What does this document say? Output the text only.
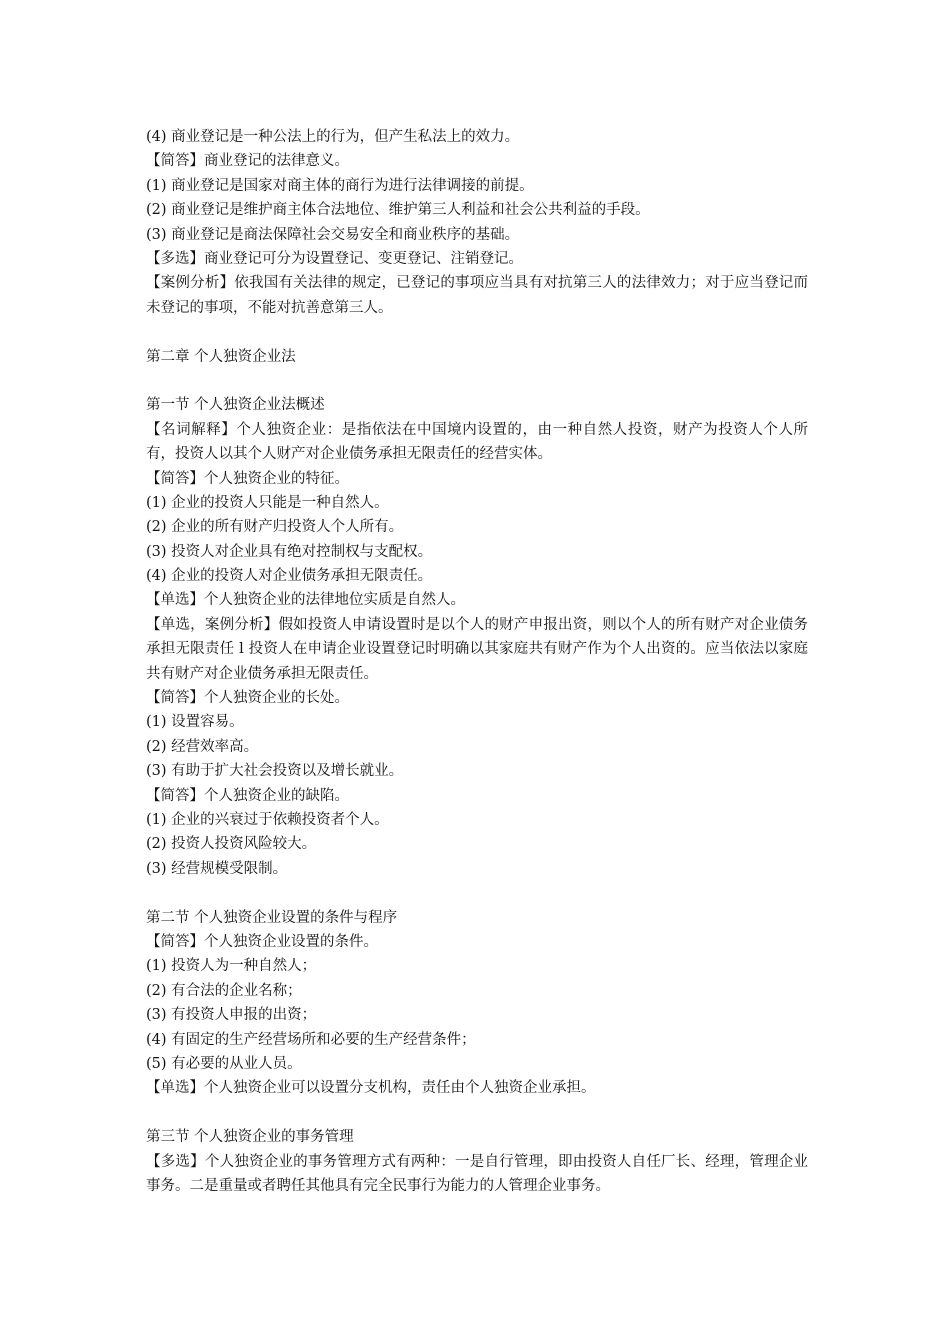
(4) 商业登记是一种公法上的行为，但产生私法上的效力。
【简答】商业登记的法律意义。
(1) 商业登记是国家对商主体的商行为进行法律调接的前提。
(2) 商业登记是维护商主体合法地位、维护第三人利益和社会公共利益的手段。
(3) 商业登记是商法保障社会交易安全和商业秩序的基础。
【多选】商业登记可分为设置登记、变更登记、注销登记。
【案例分析】依我国有关法律的规定，已登记的事项应当具有对抗第三人的法律效力；对于应当登记而未登记的事项，不能对抗善意第三人。
第二章 个人独资企业法
第一节 个人独资企业法概述
【名词解释】个人独资企业：是指依法在中国境内设置的，由一种自然人投资，财产为投资人个人所有，投资人以其个人财产对企业债务承担无限责任的经营实体。
【简答】个人独资企业的特征。
(1) 企业的投资人只能是一种自然人。
(2) 企业的所有财产归投资人个人所有。
(3) 投资人对企业具有绝对控制权与支配权。
(4) 企业的投资人对企业债务承担无限责任。
【单选】个人独资企业的法律地位实质是自然人。
【单选，案例分析】假如投资人申请设置时是以个人的财产申报出资，则以个人的所有财产对企业债务承担无限责任 l 投资人在申请企业设置登记时明确以其家庭共有财产作为个人出资的。应当依法以家庭共有财产对企业债务承担无限责任。
【简答】个人独资企业的长处。
(1) 设置容易。
(2) 经营效率高。
(3) 有助于扩大社会投资以及增长就业。
【简答】个人独资企业的缺陷。
(1) 企业的兴衰过于依赖投资者个人。
(2) 投资人投资风险较大。
(3) 经营规模受限制。
第二节 个人独资企业设置的条件与程序
【简答】个人独资企业设置的条件。
(1) 投资人为一种自然人；
(2) 有合法的企业名称；
(3) 有投资人申报的出资；
(4) 有固定的生产经营场所和必要的生产经营条件；
(5) 有必要的从业人员。
【单选】个人独资企业可以设置分支机构，责任由个人独资企业承担。
第三节 个人独资企业的事务管理
【多选】个人独资企业的事务管理方式有两种：一是自行管理，即由投资人自任厂长、经理，管理企业事务。二是重量或者聘任其他具有完全民事行为能力的人管理企业事务。
